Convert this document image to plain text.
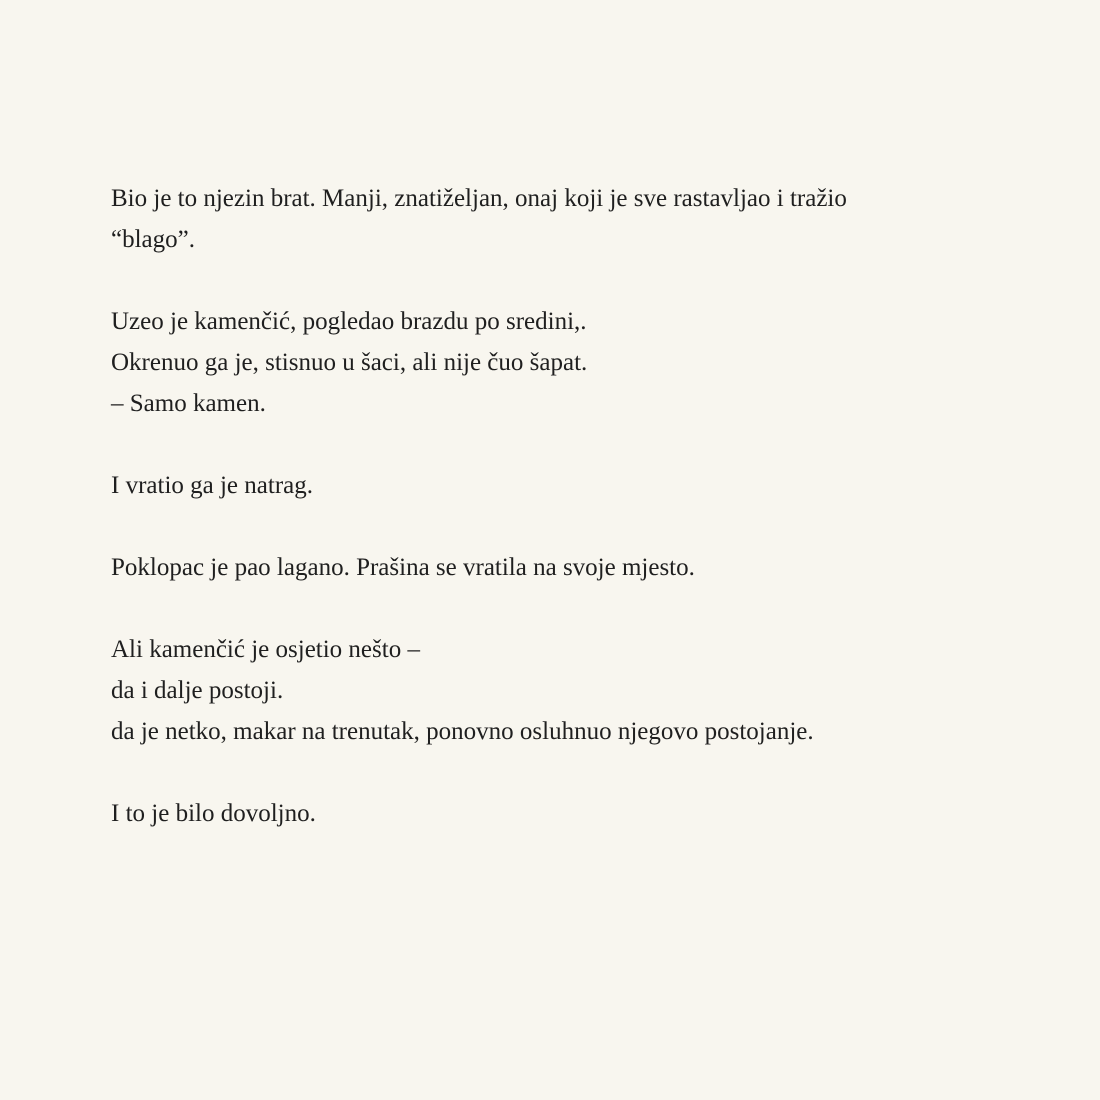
Bio je to njezin brat. Manji, znatiželjan, onaj koji je sve rastavljao i tražio
“blago”.

Uzeo je kamenčić, pogledao brazdu po sredini,.
Okrenuo ga je, stisnuo u šaci, ali nije čuo šapat.
– Samo kamen.

I vratio ga je natrag.

Poklopac je pao lagano. Prašina se vratila na svoje mjesto.

Ali kamenčić je osjetio nešto –
da i dalje postoji.
da je netko, makar na trenutak, ponovno osluhnuo njegovo postojanje.

I to je bilo dovoljno.
